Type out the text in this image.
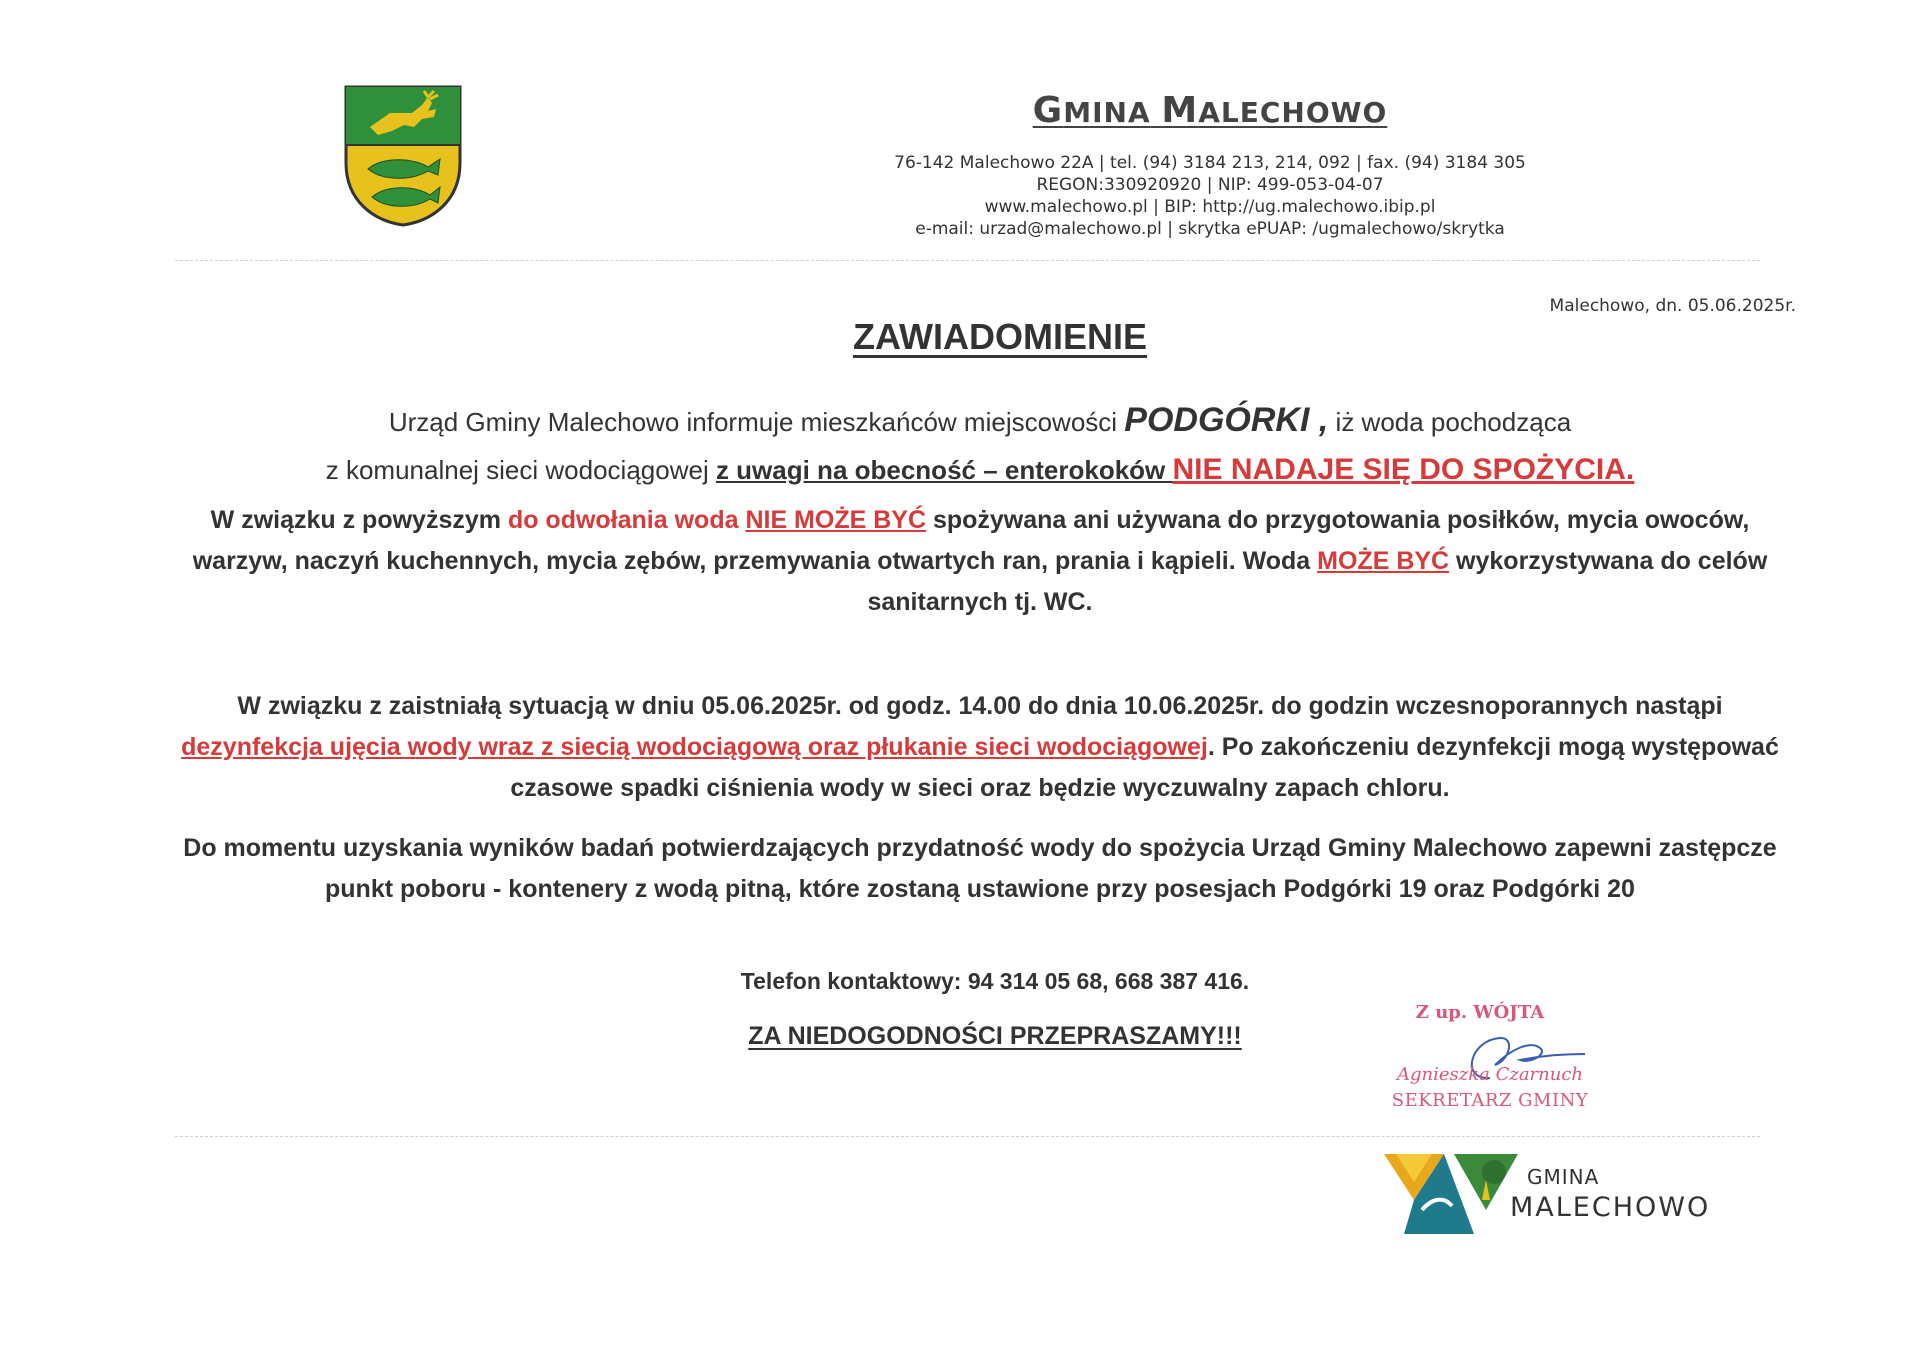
GMINA MALECHOWO
76-142 Malechowo 22A | tel. (94) 3184 213, 214, 092 | fax. (94) 3184 305
REGON:330920920 | NIP: 499-053-04-07
www.malechowo.pl | BIP: http://ug.malechowo.ibip.pl
e-mail: urzad@malechowo.pl | skrytka ePUAP: /ugmalechowo/skrytka
Malechowo, dn. 05.06.2025r.
ZAWIADOMIENIE
Urząd Gminy Malechowo informuje mieszkańców miejscowości PODGÓRKI , iż woda pochodząca
z komunalnej sieci wodociągowej z uwagi na obecność – enterokoków NIE NADAJE SIĘ DO SPOŻYCIA.
W związku z powyższym do odwołania woda NIE MOŻE BYĆ spożywana ani używana do przygotowania posiłków, mycia owoców, warzyw, naczyń kuchennych, mycia zębów, przemywania otwartych ran, prania i kąpieli. Woda MOŻE BYĆ wykorzystywana do celów sanitarnych tj. WC.
W związku z zaistniałą sytuacją w dniu 05.06.2025r. od godz. 14.00 do dnia 10.06.2025r. do godzin wczesnoporannych nastąpi dezynfekcja ujęcia wody wraz z siecią wodociągową oraz płukanie sieci wodociągowej. Po zakończeniu dezynfekcji mogą występować czasowe spadki ciśnienia wody w sieci oraz będzie wyczuwalny zapach chloru.
Do momentu uzyskania wyników badań potwierdzających przydatność wody do spożycia Urząd Gminy Malechowo zapewni zastępcze punkt poboru - kontenery z wodą pitną, które zostaną ustawione przy posesjach Podgórki 19 oraz Podgórki 20
Telefon kontaktowy: 94 314 05 68, 668 387 416.
ZA NIEDOGODNOŚCI PRZEPRASZAMY!!!
Z up. WÓJTA
Agnieszka Czarnuch
SEKRETARZ GMINY
GMINA
MALECHOWO
